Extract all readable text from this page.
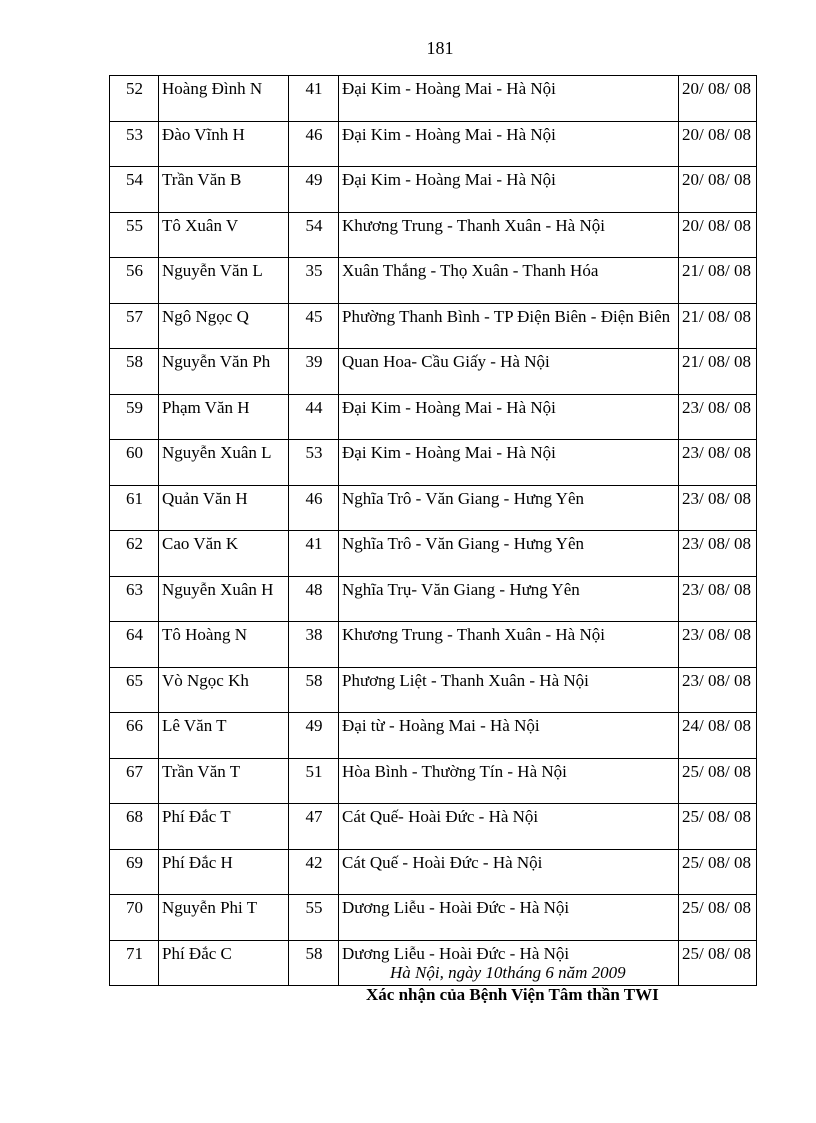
181
52	Hoàng Đình N	41	Đại Kim - Hoàng Mai - Hà Nội	20/ 08/ 08
53	Đào Vĩnh H	46	Đại Kim - Hoàng Mai - Hà Nội	20/ 08/ 08
54	Trần Văn B	49	Đại Kim - Hoàng Mai - Hà Nội	20/ 08/ 08
55	Tô Xuân V	54	Khương Trung - Thanh Xuân - Hà Nội	20/ 08/ 08
56	Nguyễn Văn L	35	Xuân Thắng - Thọ Xuân - Thanh Hóa	21/ 08/ 08
57	Ngô Ngọc Q	45	Phường Thanh Bình - TP Điện Biên - Điện Biên	21/ 08/ 08
58	Nguyễn Văn Ph	39	Quan Hoa- Cầu Giấy - Hà Nội	21/ 08/ 08
59	Phạm Văn H	44	Đại Kim - Hoàng Mai - Hà Nội	23/ 08/ 08
60	Nguyễn Xuân L	53	Đại Kim - Hoàng Mai - Hà Nội	23/ 08/ 08
61	Quản Văn H	46	Nghĩa Trô - Văn Giang - Hưng Yên	23/ 08/ 08
62	Cao Văn K	41	Nghĩa Trô - Văn Giang - Hưng Yên	23/ 08/ 08
63	Nguyễn Xuân H	48	Nghĩa Trụ- Văn Giang - Hưng Yên	23/ 08/ 08
64	Tô Hoàng N	38	Khương Trung - Thanh Xuân - Hà Nội	23/ 08/ 08
65	Vò Ngọc Kh	58	Phương Liệt - Thanh Xuân - Hà Nội	23/ 08/ 08
66	Lê Văn T	49	Đại từ - Hoàng Mai - Hà Nội	24/ 08/ 08
67	Trần Văn T	51	Hòa Bình - Thường Tín - Hà Nội	25/ 08/ 08
68	Phí Đắc T	47	Cát Quế- Hoài Đức - Hà Nội	25/ 08/ 08
69	Phí Đắc H	42	Cát Quế - Hoài Đức - Hà Nội	25/ 08/ 08
70	Nguyễn Phi T	55	Dương Liễu - Hoài Đức - Hà Nội	25/ 08/ 08
71	Phí Đắc C	58	Dương Liễu - Hoài Đức - Hà Nội	25/ 08/ 08
Hà Nội, ngày 10tháng 6 năm 2009
Xác nhận của Bệnh Viện Tâm thần TWI
